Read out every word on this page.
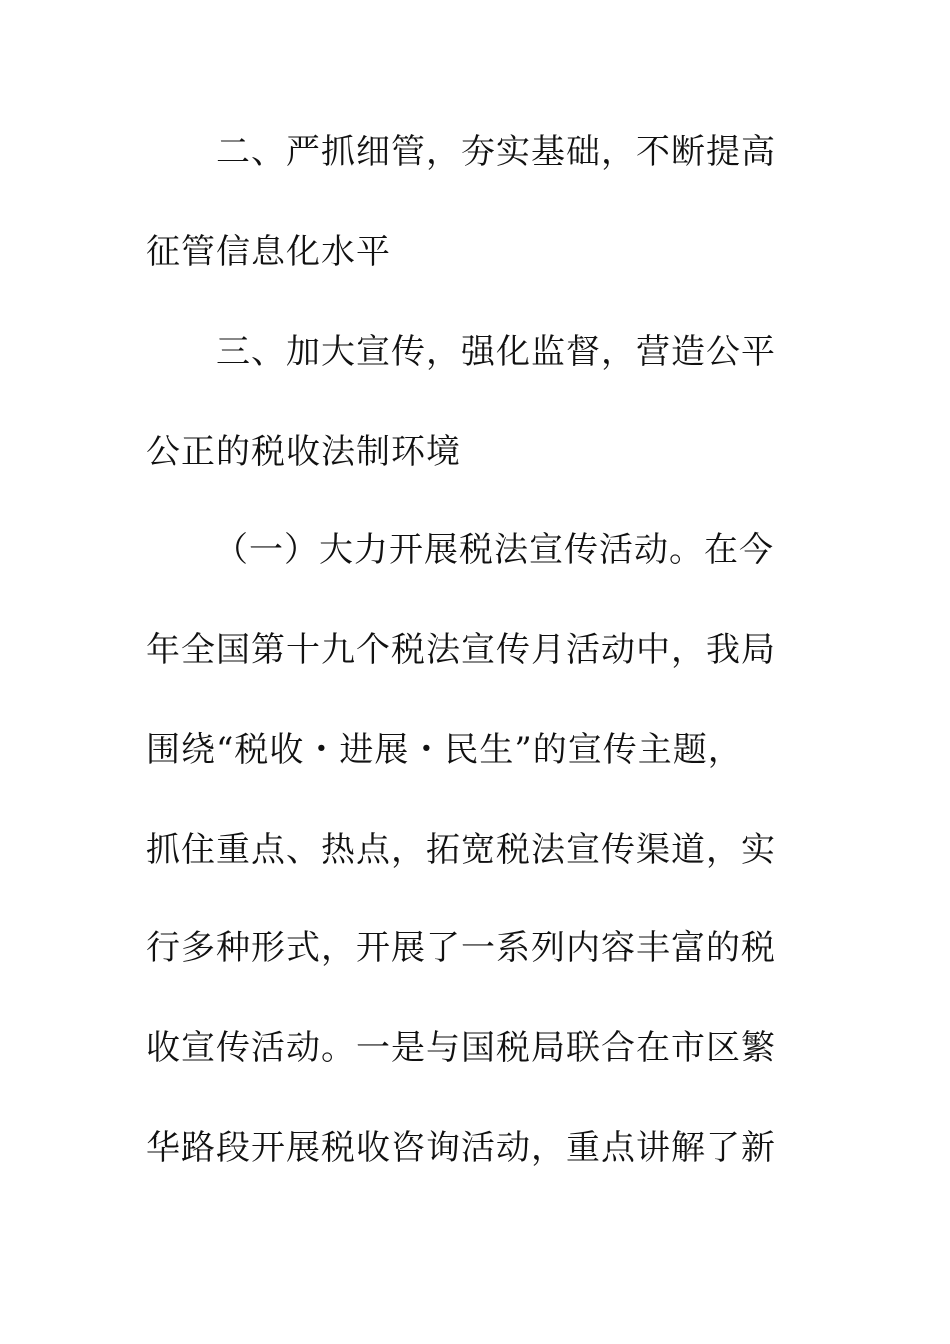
二、严抓细管，夯实基础，不断提高
征管信息化水平
三、加大宣传，强化监督，营造公平
公正的税收法制环境
（一）大力开展税法宣传活动。在今
年全国第十九个税法宣传月活动中，我局
围绕“税收・进展・民生”的宣传主题，
抓住重点、热点，拓宽税法宣传渠道，实
行多种形式，开展了一系列内容丰富的税
收宣传活动。一是与国税局联合在市区繁
华路段开展税收咨询活动，重点讲解了新
